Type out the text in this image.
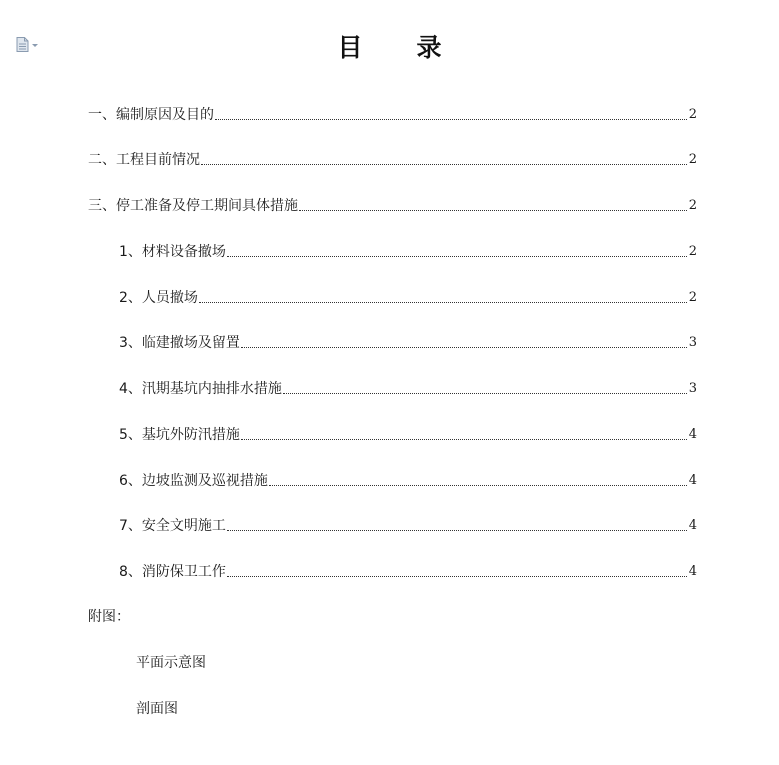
目 录
一、编制原因及目的	2
二、工程目前情况	2
三、停工准备及停工期间具体措施	2
1、材料设备撤场	2
2、人员撤场	2
3、临建撤场及留置	3
4、汛期基坑内抽排水措施	3
5、基坑外防汛措施	4
6、边坡监测及巡视措施	4
7、安全文明施工	4
8、消防保卫工作	4
附图：
平面示意图
剖面图
